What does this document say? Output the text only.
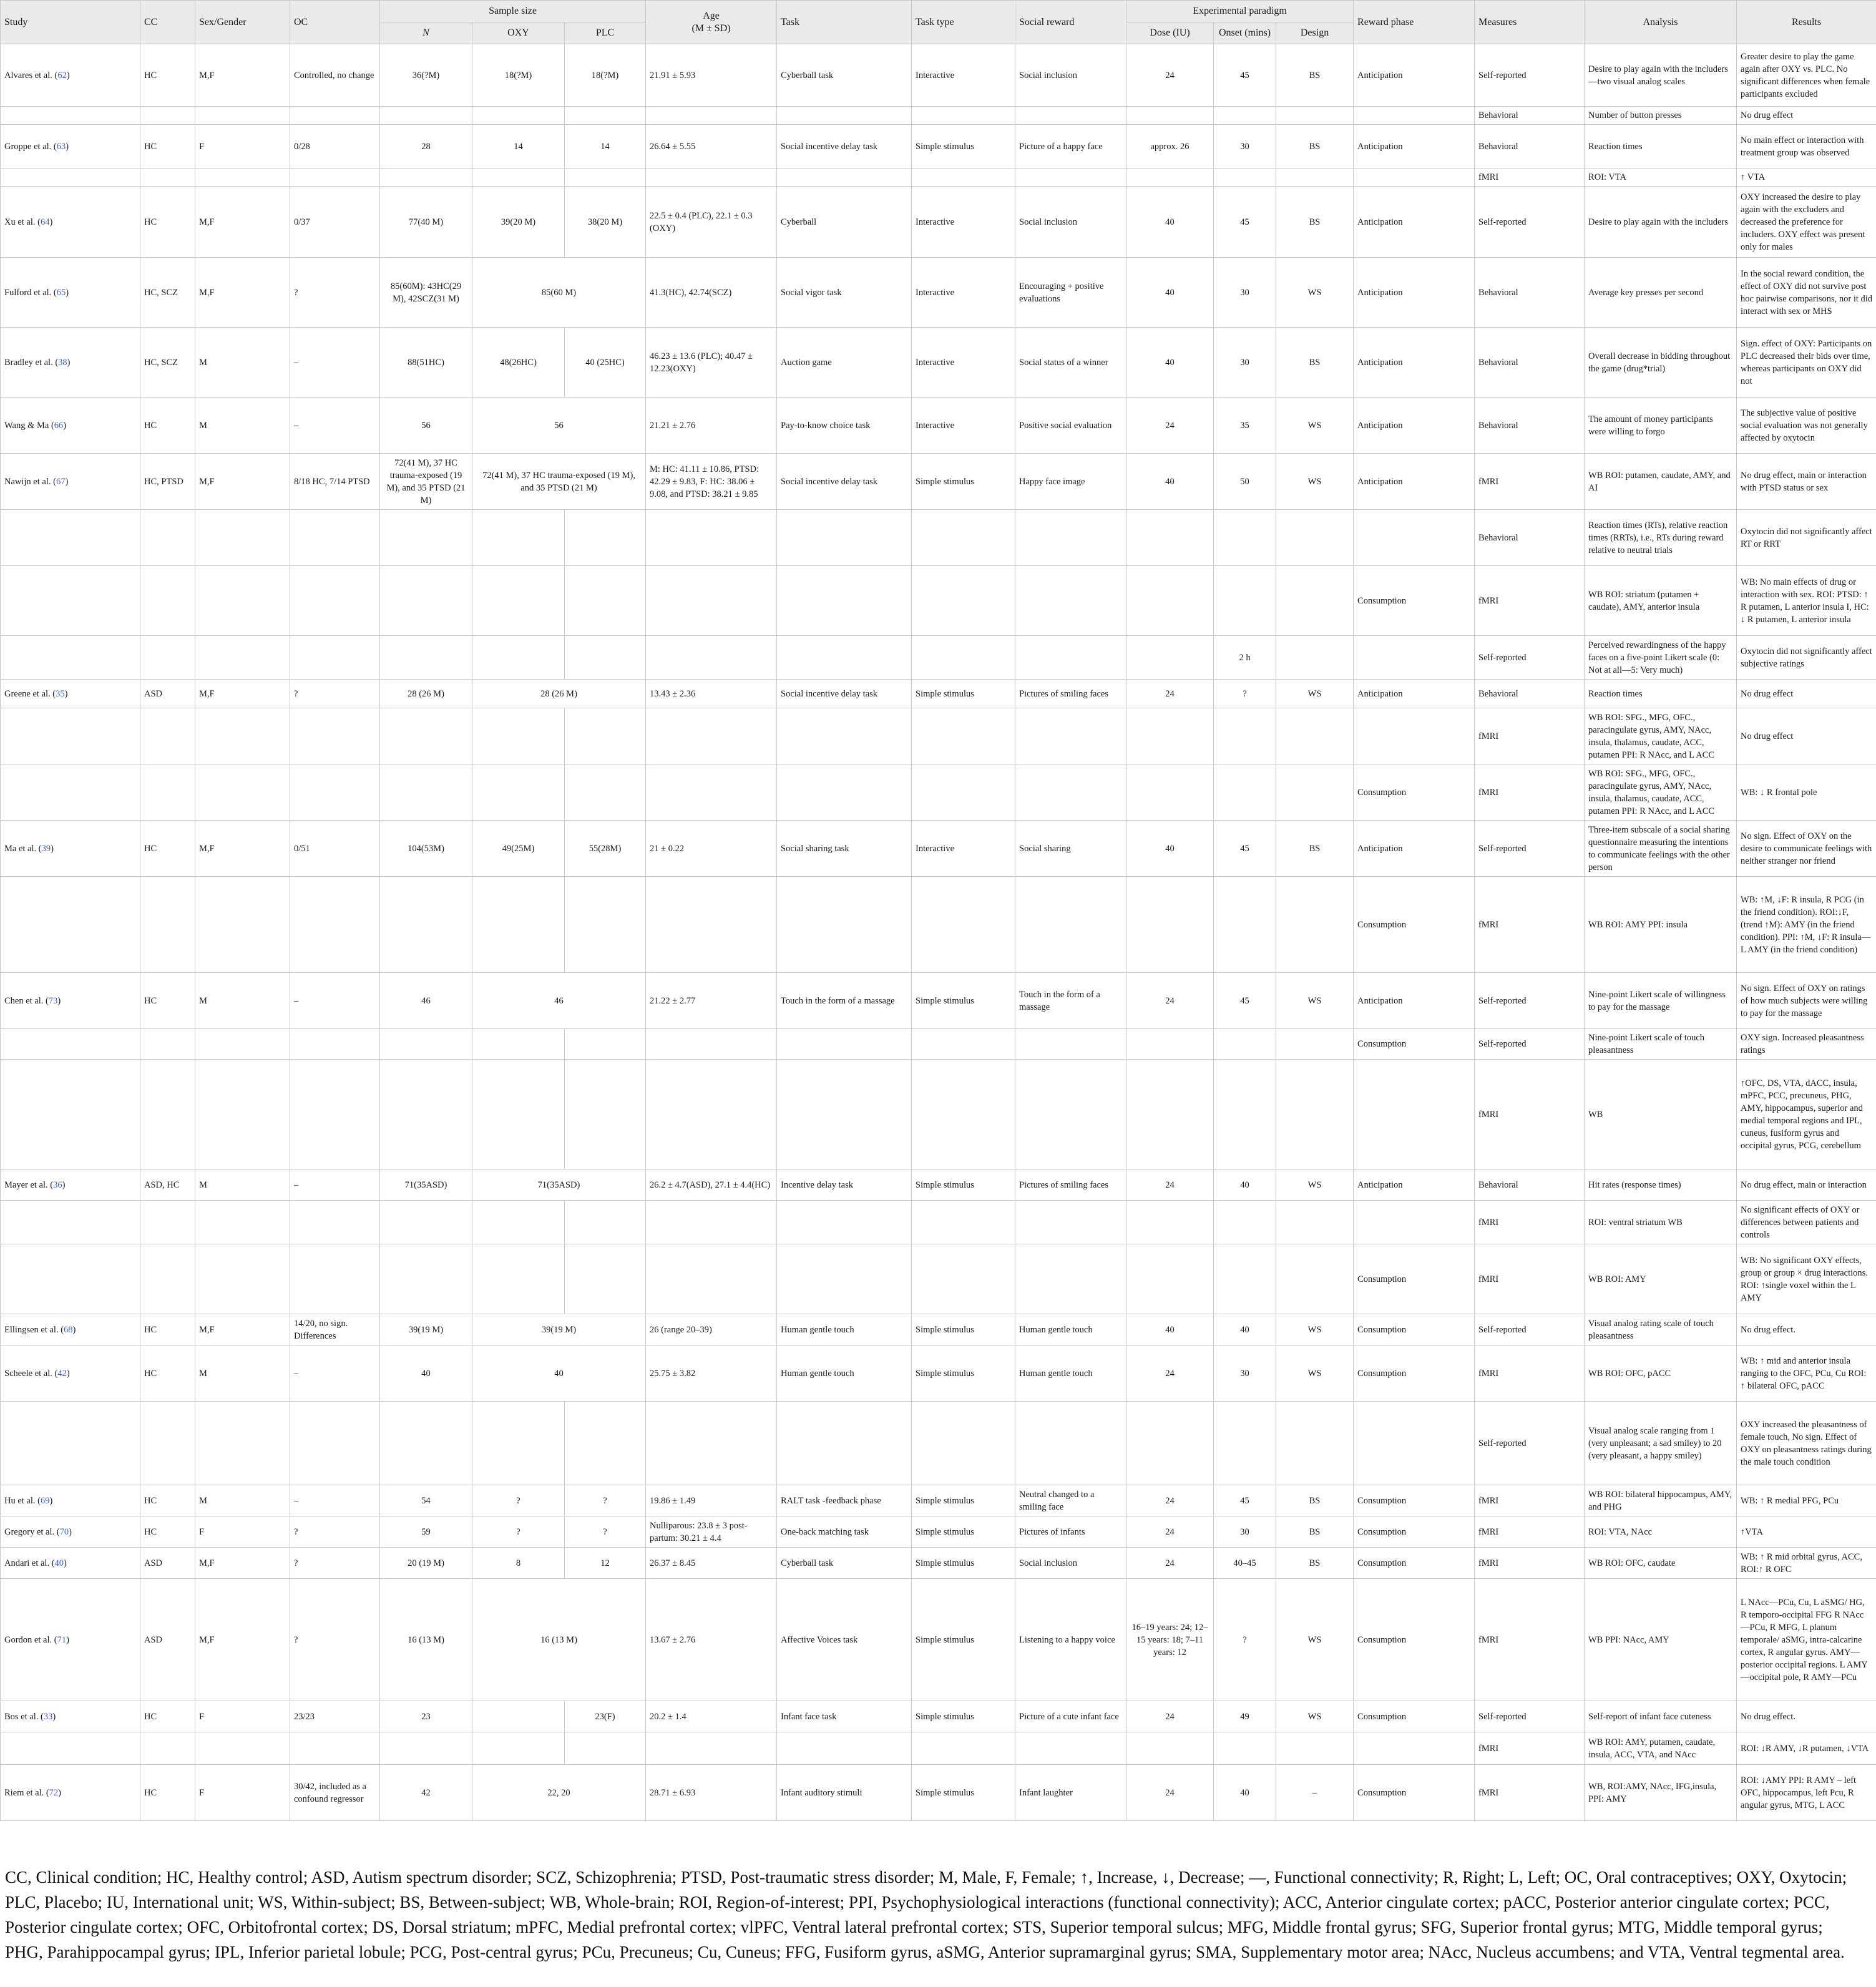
Study	CC	Sex/Gender	OC	Sample size			Age
(M ± SD)	Task	Task type	Social reward	Experimental paradigm			Reward phase	Measures	Analysis	Results
				N	OXY	PLC					Dose (IU)	Onset (mins)	Design				
Alvares et al. (62)	HC	M,F	Controlled, no change	36(?M)	18(?M)	18(?M)	21.91 ± 5.93	Cyberball task	Interactive	Social inclusion	24	45	BS	Anticipation	Self-reported	Desire to play again with the includers—two visual analog scales	Greater desire to play the game again after OXY vs. PLC. No significant differences when female participants excluded
															Behavioral	Number of button presses	No drug effect
Groppe et al. (63)	HC	F	0/28	28	14	14	26.64 ± 5.55	Social incentive delay task	Simple stimulus	Picture of a happy face	approx. 26	30	BS	Anticipation	Behavioral	Reaction times	No main effect or interaction with treatment group was observed
															fMRI	ROI: VTA	↑ VTA
Xu et al. (64)	HC	M,F	0/37	77(40 M)	39(20 M)	38(20 M)	22.5 ± 0.4 (PLC), 22.1 ± 0.3 (OXY)	Cyberball	Interactive	Social inclusion	40	45	BS	Anticipation	Self-reported	Desire to play again with the includers	OXY increased the desire to play again with the excluders and decreased the preference for includers. OXY effect was present only for males
Fulford et al. (65)	HC, SCZ	M,F	?	85(60M): 43HC(29 M), 42SCZ(31 M)	85(60 M)		41.3(HC), 42.74(SCZ)	Social vigor task	Interactive	Encouraging + positive evaluations	40	30	WS	Anticipation	Behavioral	Average key presses per second	In the social reward condition, the effect of OXY did not survive post hoc pairwise comparisons, nor it did interact with sex or MHS
Bradley et al. (38)	HC, SCZ	M	–	88(51HC)	48(26HC)	40 (25HC)	46.23 ± 13.6 (PLC); 40.47 ± 12.23(OXY)	Auction game	Interactive	Social status of a winner	40	30	BS	Anticipation	Behavioral	Overall decrease in bidding throughout the game (drug*trial)	Sign. effect of OXY: Participants on PLC decreased their bids over time, whereas participants on OXY did not
Wang & Ma (66)	HC	M	–	56	56		21.21 ± 2.76	Pay-to-know choice task	Interactive	Positive social evaluation	24	35	WS	Anticipation	Behavioral	The amount of money participants were willing to forgo	The subjective value of positive social evaluation was not generally affected by oxytocin
Nawijn et al. (67)	HC, PTSD	M,F	8/18 HC, 7/14 PTSD	72(41 M), 37 HC trauma-exposed (19 M), and 35 PTSD (21 M)	72(41 M), 37 HC trauma-exposed (19 M), and 35 PTSD (21 M)		M: HC: 41.11 ± 10.86, PTSD: 42.29 ± 9.83, F: HC: 38.06 ± 9.08, and PTSD: 38.21 ± 9.85	Social incentive delay task	Simple stimulus	Happy face image	40	50	WS	Anticipation	fMRI	WB ROI: putamen, caudate, AMY, and AI	No drug effect, main or interaction with PTSD status or sex
															Behavioral	Reaction times (RTs), relative reaction times (RRTs), i.e., RTs during reward relative to neutral trials	Oxytocin did not significantly affect RT or RRT
														Consumption	fMRI	WB ROI: striatum (putamen + caudate), AMY, anterior insula	WB: No main effects of drug or interaction with sex. ROI: PTSD: ↑ R putamen, L anterior insula I, HC: ↓ R putamen, L anterior insula
												2 h			Self-reported	Perceived rewardingness of the happy faces on a five-point Likert scale (0: Not at all—5: Very much)	Oxytocin did not significantly affect subjective ratings
Greene et al. (35)	ASD	M,F	?	28 (26 M)	28 (26 M)		13.43 ± 2.36	Social incentive delay task	Simple stimulus	Pictures of smiling faces	24	?	WS	Anticipation	Behavioral	Reaction times	No drug effect
															fMRI	WB ROI: SFG., MFG, OFC., paracingulate gyrus, AMY, NAcc, insula, thalamus, caudate, ACC, putamen PPI: R NAcc, and L ACC	No drug effect
														Consumption	fMRI	WB ROI: SFG., MFG, OFC., paracingulate gyrus, AMY, NAcc, insula, thalamus, caudate, ACC, putamen PPI: R NAcc, and L ACC	WB: ↓ R frontal pole
Ma et al. (39)	HC	M,F	0/51	104(53M)	49(25M)	55(28M)	21 ± 0.22	Social sharing task	Interactive	Social sharing	40	45	BS	Anticipation	Self-reported	Three-item subscale of a social sharing questionnaire measuring the intentions to communicate feelings with the other person	No sign. Effect of OXY on the desire to communicate feelings with neither stranger nor friend
														Consumption	fMRI	WB ROI: AMY PPI: insula	WB: ↑M, ↓F: R insula, R PCG (in the friend condition). ROI:↓F, (trend ↑M): AMY (in the friend condition). PPI: ↑M, ↓F: R insula— L AMY (in the friend condition)
Chen et al. (73)	HC	M	–	46	46		21.22 ± 2.77	Touch in the form of a massage	Simple stimulus	Touch in the form of a massage	24	45	WS	Anticipation	Self-reported	Nine-point Likert scale of willingness to pay for the massage	No sign. Effect of OXY on ratings of how much subjects were willing to pay for the massage
														Consumption	Self-reported	Nine-point Likert scale of touch pleasantness	OXY sign. Increased pleasantness ratings
															fMRI	WB	↑OFC, DS, VTA, dACC, insula, mPFC, PCC, precuneus, PHG, AMY, hippocampus, superior and medial temporal regions and IPL, cuneus, fusiform gyrus and occipital gyrus, PCG, cerebellum
Mayer et al. (36)	ASD, HC	M	–	71(35ASD)	71(35ASD)		26.2 ± 4.7(ASD), 27.1 ± 4.4(HC)	Incentive delay task	Simple stimulus	Pictures of smiling faces	24	40	WS	Anticipation	Behavioral	Hit rates (response times)	No drug effect, main or interaction
															fMRI	ROI: ventral striatum WB	No significant effects of OXY or differences between patients and controls
														Consumption	fMRI	WB ROI: AMY	WB: No significant OXY effects, group or group × drug interactions. ROI: ↑single voxel within the L AMY
Ellingsen et al. (68)	HC	M,F	14/20, no sign. Differences	39(19 M)	39(19 M)		26 (range 20–39)	Human gentle touch	Simple stimulus	Human gentle touch	40	40	WS	Consumption	Self-reported	Visual analog rating scale of touch pleasantness	No drug effect.
Scheele et al. (42)	HC	M	–	40	40		25.75 ± 3.82	Human gentle touch	Simple stimulus	Human gentle touch	24	30	WS	Consumption	fMRI	WB ROI: OFC, pACC	WB: ↑ mid and anterior insula ranging to the OFC, PCu, Cu ROI: ↑ bilateral OFC, pACC
															Self-reported	Visual analog scale ranging from 1 (very unpleasant; a sad smiley) to 20 (very pleasant, a happy smiley)	OXY increased the pleasantness of female touch, No sign. Effect of OXY on pleasantness ratings during the male touch condition
Hu et al. (69)	HC	M	–	54	?	?	19.86 ± 1.49	RALT task -feedback phase	Simple stimulus	Neutral changed to a smiling face	24	45	BS	Consumption	fMRI	WB ROI: bilateral hippocampus, AMY, and PHG	WB: ↑ R medial PFG, PCu
Gregory et al. (70)	HC	F	?	59	?	?	Nulliparous: 23.8 ± 3 post-partum: 30.21 ± 4.4	One-back matching task	Simple stimulus	Pictures of infants	24	30	BS	Consumption	fMRI	ROI: VTA, NAcc	↑VTA
Andari et al. (40)	ASD	M,F	?	20 (19 M)	8	12	26.37 ± 8.45	Cyberball task	Simple stimulus	Social inclusion	24	40–45	BS	Consumption	fMRI	WB ROI: OFC, caudate	WB: ↑ R mid orbital gyrus, ACC, ROI:↑ R OFC
Gordon et al. (71)	ASD	M,F	?	16 (13 M)	16 (13 M)		13.67 ± 2.76	Affective Voices task	Simple stimulus	Listening to a happy voice	16–19 years: 24; 12–15 years: 18; 7–11 years: 12	?	WS	Consumption	fMRI	WB PPI: NAcc, AMY	L NAcc—PCu, Cu, L aSMG/ HG, R temporo-occipital FFG R NAcc—PCu, R MFG, L planum temporale/ aSMG, intra-calcarine cortex, R angular gyrus. AMY—posterior occipital regions. L AMY—occipital pole, R AMY—PCu
Bos et al. (33)	HC	F	23/23	23		23(F)	20.2 ± 1.4	Infant face task	Simple stimulus	Picture of a cute infant face	24	49	WS	Consumption	Self-reported	Self-report of infant face cuteness	No drug effect.
															fMRI	WB ROI: AMY, putamen, caudate, insula, ACC, VTA, and NAcc	ROI: ↓R AMY, ↓R putamen, ↓VTA
Riem et al. (72)	HC	F	30/42, included as a confound regressor	42	22, 20		28.71 ± 6.93	Infant auditory stimuli	Simple stimulus	Infant laughter	24	40	–	Consumption	fMRI	WB, ROI:AMY, NAcc, IFG,insula, PPI: AMY	ROI: ↓AMY PPI: R AMY – left OFC, hippocampus, left Pcu, R angular gyrus, MTG, L ACC
CC, Clinical condition; HC, Healthy control; ASD, Autism spectrum disorder; SCZ, Schizophrenia; PTSD, Post-traumatic stress disorder; M, Male, F, Female; ↑, Increase, ↓, Decrease; —, Functional connectivity; R, Right; L, Left; OC, Oral contraceptives; OXY, Oxytocin; PLC, Placebo; IU, International unit; WS, Within-subject; BS, Between-subject; WB, Whole-brain; ROI, Region-of-interest; PPI, Psychophysiological interactions (functional connectivity); ACC, Anterior cingulate cortex; pACC, Posterior anterior cingulate cortex; PCC, Posterior cingulate cortex; OFC, Orbitofrontal cortex; DS, Dorsal striatum; mPFC, Medial prefrontal cortex; vlPFC, Ventral lateral prefrontal cortex; STS, Superior temporal sulcus; MFG, Middle frontal gyrus; SFG, Superior frontal gyrus; MTG, Middle temporal gyrus; PHG, Parahippocampal gyrus; IPL, Inferior parietal lobule; PCG, Post-central gyrus; PCu, Precuneus; Cu, Cuneus; FFG, Fusiform gyrus, aSMG, Anterior supramarginal gyrus; SMA, Supplementary motor area; NAcc, Nucleus accumbens; and VTA, Ventral tegmental area.
